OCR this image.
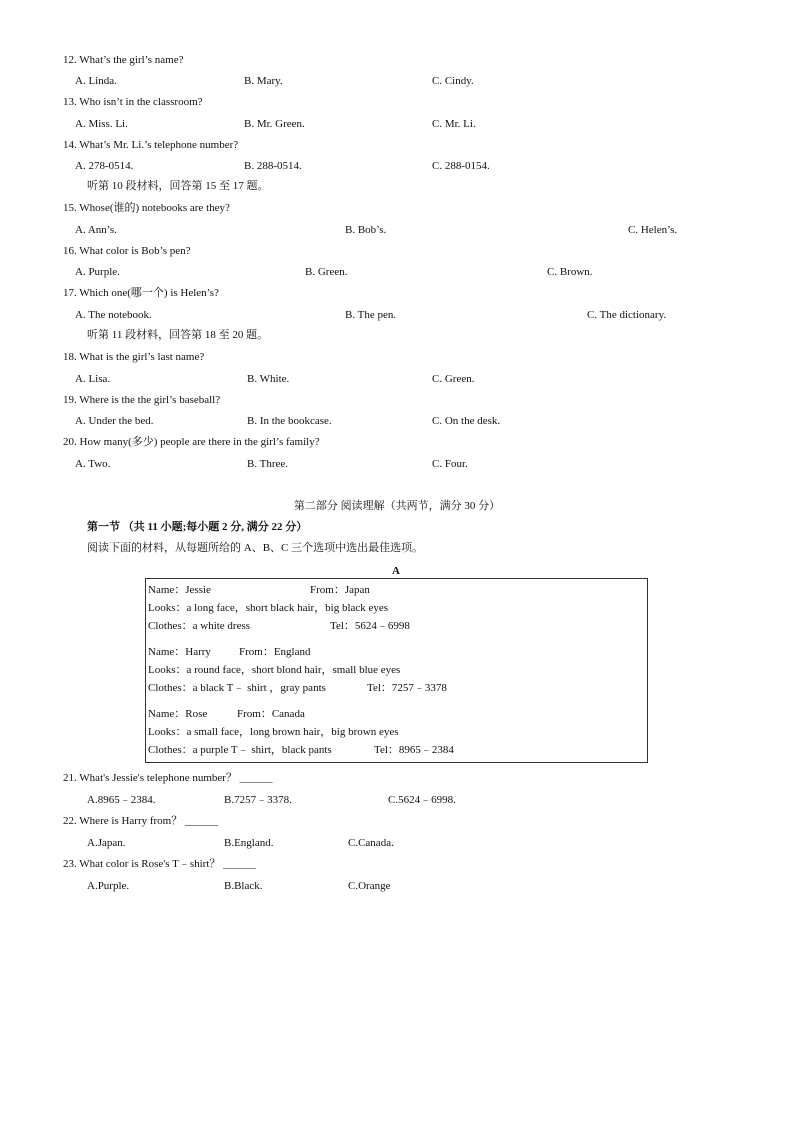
12. What’s the girl’s name?
A. Linda.	B. Mary.	C. Cindy.
13. Who isn’t in the classroom?
A. Miss. Li.	B. Mr. Green.	C. Mr. Li.
14. What’s Mr. Li.’s telephone number?
A. 278-0514.	B. 288-0514.	C. 288-0154.
听第 10 段材料，回答第 15 至 17 题。
15. Whose(谁的) notebooks are they?
A. Ann’s.	B. Bob’s.	C. Helen’s.
16. What color is Bob’s pen?
A. Purple.	B. Green.	C. Brown.
17. Which one(哪一个) is Helen’s?
A. The notebook.	B. The pen.	C. The dictionary.
听第 11 段材料，回答第 18 至 20 题。
18. What is the girl’s last name?
A. Lisa.	B. White.	C. Green.
19. Where is the the girl’s baseball?
A. Under the bed.	B. In the bookcase.	C. On the desk.
20. How many(多少) people are there in the girl’s family?
A. Two.	B. Three.	C. Four.
第二部分 阅读理解（共两节，满分 30 分）
第一节 （共 11 小题;每小题 2 分, 满分 22 分）
阅读下面的材料，从每题所给的 A、B、C 三个选项中选出最佳选项。
A
Name：Jessie	From：Japan
Looks：a long face，short black hair，big black eyes
Clothes：a white dress	Tel：5624﹣6998
Name：Harry	From：England
Looks：a round face，short blond hair，small blue eyes
Clothes：a black T﹣ shirt ，gray pants	Tel：7257﹣3378
Name：Rose	From：Canada
Looks：a small face，long brown hair，big brown eyes
Clothes：a purple T﹣ shirt，black pants	Tel：8965﹣2384
21. What's Jessie's telephone number？ ______
A.8965﹣2384.	B.7257﹣3378.	C.5624﹣6998.
22. Where is Harry from？ ______
A.Japan.	B.England.	C.Canada.
23. What color is Rose's T﹣shirt？ ______
A.Purple.	B.Black.	C.Orange
